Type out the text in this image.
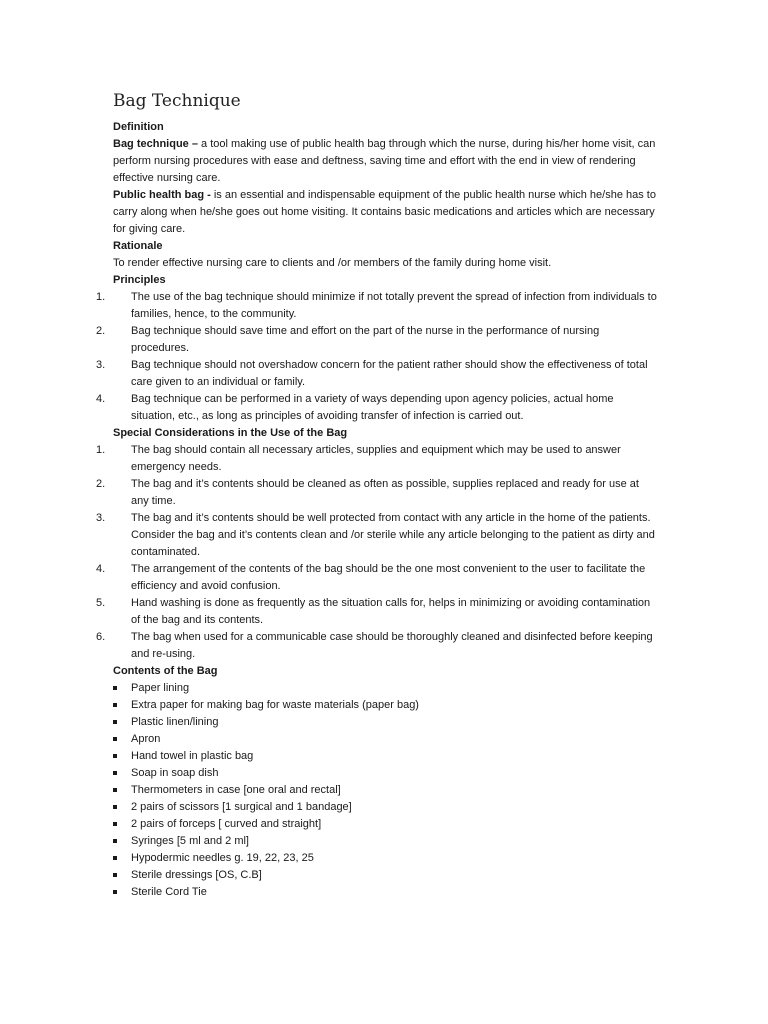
Bag Technique

Definition

Bag technique – a tool making use of public health bag through which the nurse, during his/her home visit, can perform nursing procedures with ease and deftness, saving time and effort with the end in view of rendering effective nursing care.

Public health bag - is an essential and indispensable equipment of the public health nurse which he/she has to carry along when he/she goes out home visiting. It contains basic medications and articles which are necessary for giving care.

Rationale

To render effective nursing care to clients and /or members of the family during home visit.

Principles

1.	The use of the bag technique should minimize if not totally prevent the spread of infection from individuals to families, hence, to the community.
2.	Bag technique should save time and effort on the part of the nurse in the performance of nursing procedures.
3.	Bag technique should not overshadow concern for the patient rather should show the effectiveness of total care given to an individual or family.
4.	Bag technique can be performed in a variety of ways depending upon agency policies, actual home situation, etc., as long as principles of avoiding transfer of infection is carried out.

Special Considerations in the Use of the Bag

1.	The bag should contain all necessary articles, supplies and equipment which may be used to answer emergency needs.
2.	The bag and it’s contents should be cleaned as often as possible, supplies replaced and ready for use at any time.
3.	The bag and it’s contents should be well protected from contact with any article in the home of the patients. Consider the bag and it’s contents clean and /or sterile while any article belonging to the patient as dirty and contaminated.
4.	The arrangement of the contents of the bag should be the one most convenient to the user to facilitate the efficiency and avoid confusion.
5.	Hand washing is done as frequently as the situation calls for, helps in minimizing or avoiding contamination of the bag and its contents.
6.	The bag when used for a communicable case should be thoroughly cleaned and disinfected before keeping and re-using.

Contents of the Bag

Paper lining
Extra paper for making bag for waste materials (paper bag)
Plastic linen/lining
Apron
Hand towel in plastic bag
Soap in soap dish
Thermometers in case [one oral and rectal]
2 pairs of scissors [1 surgical and 1 bandage]
2 pairs of forceps [ curved and straight]
Syringes [5 ml and 2 ml]
Hypodermic needles g. 19, 22, 23, 25
Sterile dressings [OS, C.B]
Sterile Cord Tie
